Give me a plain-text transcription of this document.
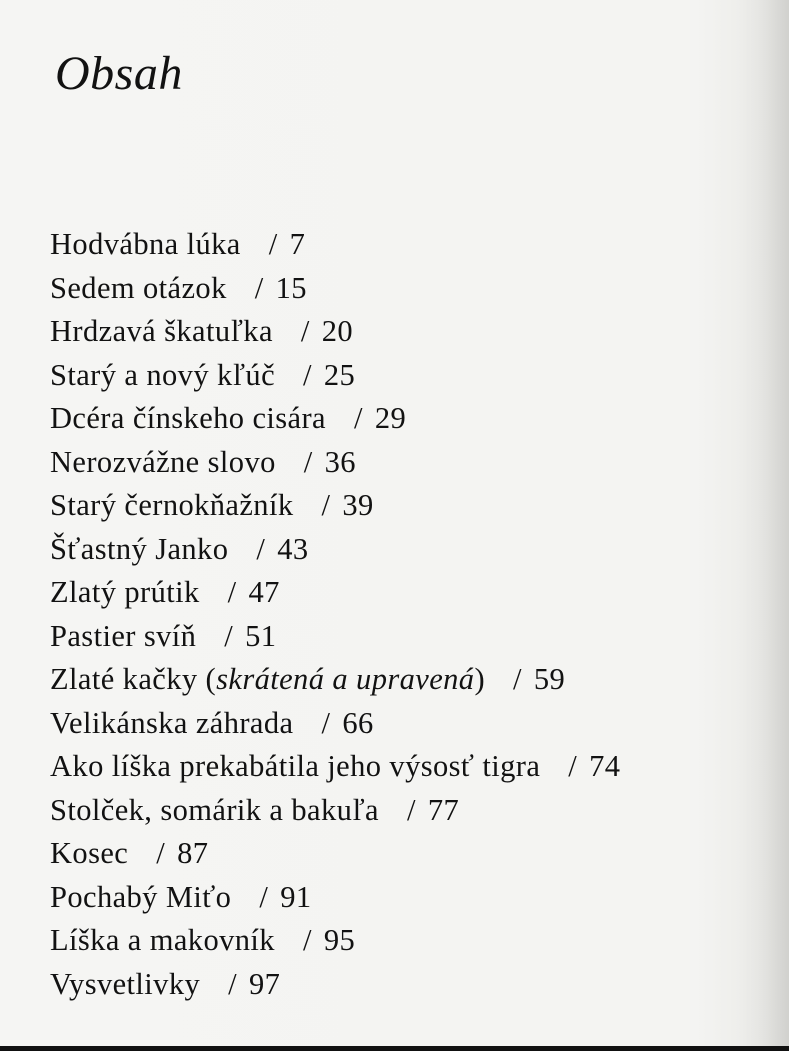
Obsah
Hodvábna lúka / 7
Sedem otázok / 15
Hrdzavá škatuľka / 20
Starý a nový kľúč / 25
Dcéra čínskeho cisára / 29
Nerozvážne slovo / 36
Starý černokňažník / 39
Šťastný Janko / 43
Zlatý prútik / 47
Pastier svíň / 51
Zlaté kačky (skrátená a upravená) / 59
Velikánska záhrada / 66
Ako líška prekabátila jeho výsosť tigra / 74
Stolček, somárik a bakuľa / 77
Kosec / 87
Pochabý Miťo / 91
Líška a makovník / 95
Vysvetlivky / 97
